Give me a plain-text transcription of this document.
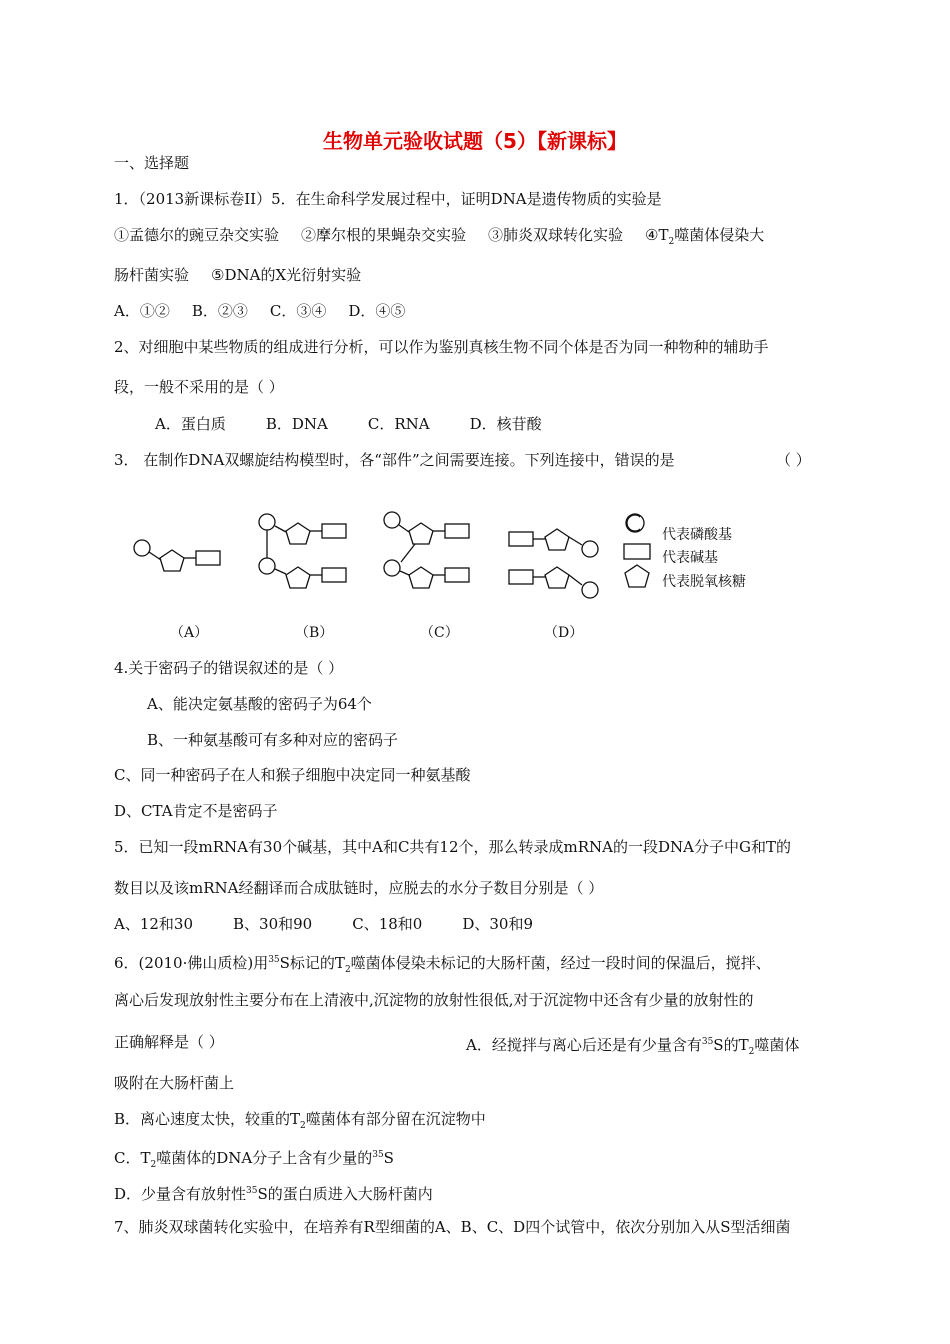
生物单元验收试题（5）【新课标】
一、选择题
1．（2013新课标卷II）5．在生命科学发展过程中，证明DNA是遗传物质的实验是
①孟德尔的豌豆杂交实验 ②摩尔根的果蝇杂交实验 ③肺炎双球转化实验 $④T_2$噬菌体侵染大
肠杆菌实验 ⑤DNA的X光衍射实验
A．①② B．②③ C．③④ D．④⑤
2、对细胞中某些物质的组成进行分析，可以作为鉴别真核生物不同个体是否为同一种物种的辅助手
段，一般不采用的是（ ）
A．蛋白质	B．DNA	C．RNA	D．核苷酸
3． 在制作DNA双螺旋结构模型时，各“部件”之间需要连接。下列连接中，错误的是	（ ）
代表磷酸基
代表碱基
代表脱氧核糖
（A）	（B）	（C）	（D）
4.关于密码子的错误叙述的是（ ）
A、能决定氨基酸的密码子为64个
B、一种氨基酸可有多种对应的密码子
C、同一种密码子在人和猴子细胞中决定同一种氨基酸
D、CTA肯定不是密码子
5．已知一段mRNA有30个碱基，其中A和C共有12个，那么转录成mRNA的一段DNA分子中G和T的
数目以及该mRNA经翻译而合成肽链时，应脱去的水分子数目分别是（ ）
A、12和30	B、30和90	C、18和0	D、30和9
6．(2010·佛山质检)用$^{35}$S标记的$T_2$噬菌体侵染未标记的大肠杆菌，经过一段时间的保温后，搅拌、
离心后发现放射性主要分布在上清液中,沉淀物的放射性很低,对于沉淀物中还含有少量的放射性的
正确解释是（ ）	A．经搅拌与离心后还是有少量含有$^{35}$S的$T_2$噬菌体
吸附在大肠杆菌上
B．离心速度太快，较重的$T_2$噬菌体有部分留在沉淀物中
C．$T_2$噬菌体的DNA分子上含有少量的$^{35}$S
D．少量含有放射性$^{35}$S的蛋白质进入大肠杆菌内
7、肺炎双球菌转化实验中，在培养有R型细菌的A、B、C、D四个试管中，依次分别加入从S型活细菌
